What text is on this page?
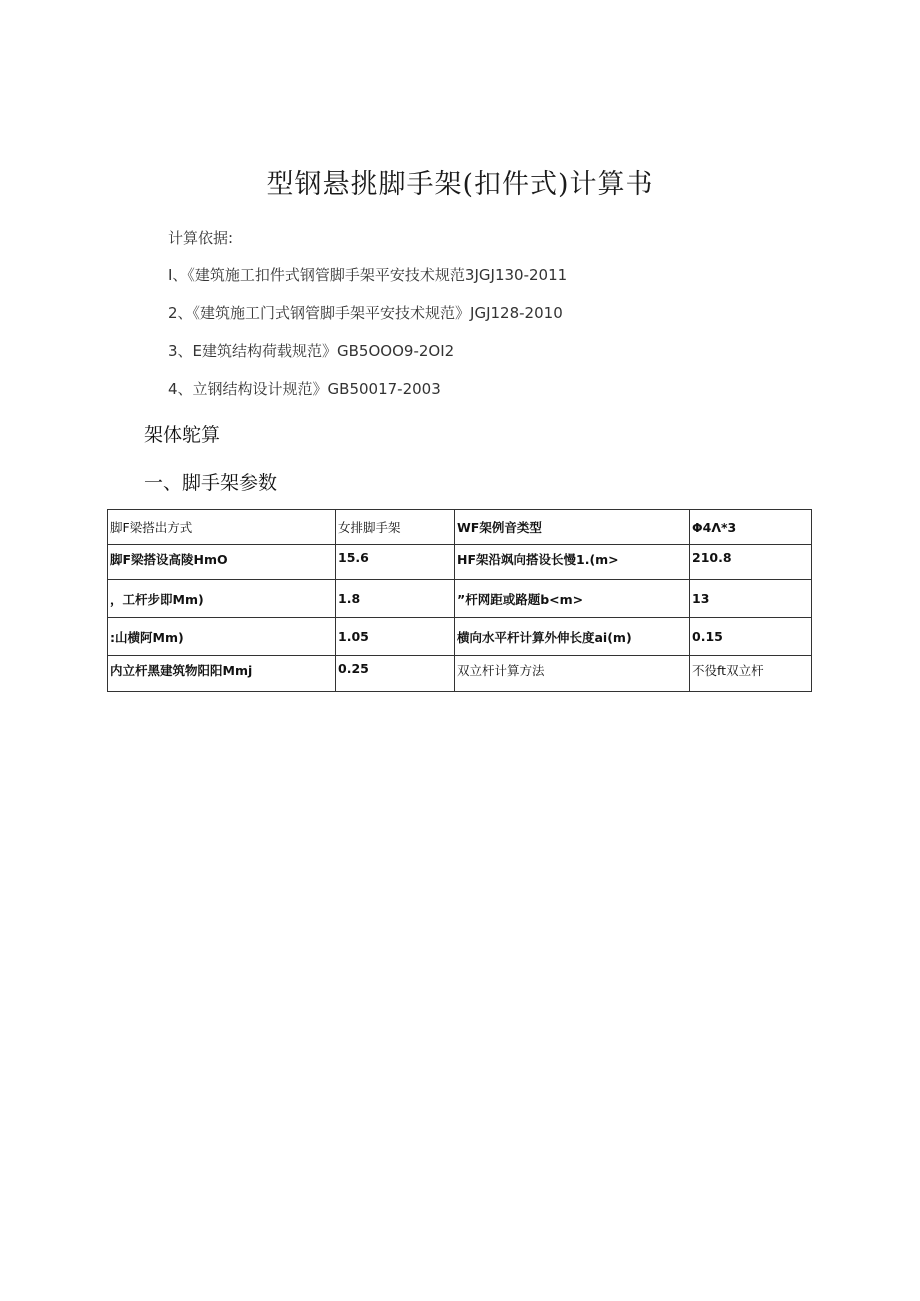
型钢悬挑脚手架(扣件式)计算书
计算依据:
I、《建筑施工扣件式钢管脚手架平安技术规范3JGJ130-2011
2、《建筑施工门式钢管脚手架平安技术规范》JGJ128-2010
3、E建筑结构荷载规范》GB5OOO9-2OI2
4、立钢结构设计规范》GB50017-2003
架体鸵算
一、脚手架参数
脚F梁搭岀方式	女排脚手架	WF架例音类型	Φ4Λ*3
脚F梁搭设高陵HmO	15.6	HF架沿飒向搭设长慢1.(m>	210.8
，工杆步即Mm)	1.8	”杆网距或路题b<m>	13
:山横阿Mm)	1.05	横向水平杆计算外伸长度ai(m)	0.15
内立杆黑建筑物阳阳Mmj	0.25	双立杆计算方法	不役ft双立杆
